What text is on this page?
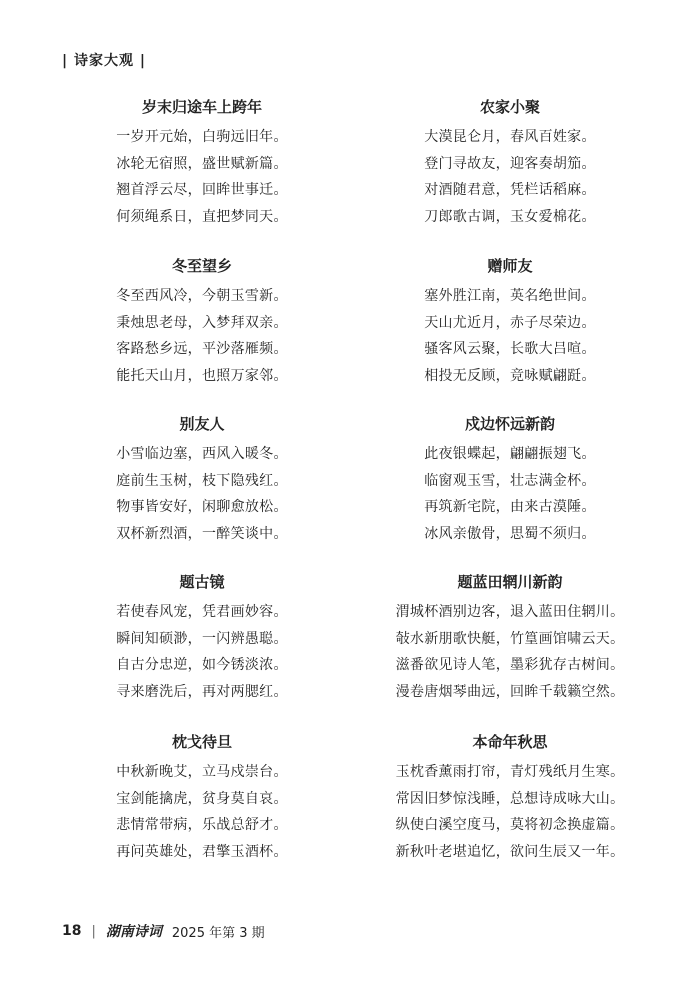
| 诗家大观 |
岁末归途车上跨年
一岁开元始，白驹远旧年。
冰轮无宿照，盛世赋新篇。
翘首浮云尽，回眸世事迁。
何须绳系日，直把梦同天。
冬至望乡
冬至西风冷，今朝玉雪新。
秉烛思老母，入梦拜双亲。
客路愁乡远，平沙落雁频。
能托天山月，也照万家邻。
别友人
小雪临边塞，西风入暖冬。
庭前生玉树，枝下隐残红。
物事皆安好，闲聊愈放松。
双杯新烈酒，一醉笑谈中。
题古镜
若使春风宠，凭君画妙容。
瞬间知硕渺，一闪辨愚聪。
自古分忠逆，如今锈淡浓。
寻来磨洗后，再对两腮红。
枕戈待旦
中秋新晚艾，立马戍崇台。
宝剑能擒虎，贫身莫自哀。
悲情常带病，乐战总舒才。
再问英雄处，君擎玉酒杯。
农家小聚
大漠昆仑月，春风百姓家。
登门寻故友，迎客奏胡笳。
对酒随君意，凭栏话稻麻。
刀郎歌古调，玉女爱棉花。
赠师友
塞外胜江南，英名绝世间。
天山尤近月，赤子尽荣边。
骚客风云聚，长歌大吕喧。
相投无反顾，竞咏赋翩跹。
戍边怀远新韵
此夜银蝶起，翩翩振翅飞。
临窗观玉雪，壮志满金杯。
再筑新宅院，由来古漠陲。
冰风亲傲骨，思蜀不须归。
题蓝田辋川新韵
渭城杯酒别边客，退入蓝田住辋川。
敧水新朋歌快艇，竹篁画馆啸云天。
滋番欲见诗人笔，墨彩犹存古树间。
漫卷唐烟琴曲远，回眸千载籁空然。
本命年秋思
玉枕香薰雨打帘，青灯残纸月生寒。
常因旧梦惊浅睡，总想诗成咏大山。
纵使白溪空度马，莫将初念换虚篇。
新秋叶老堪追忆，欲问生辰又一年。
18 | 湖南诗词 2025 年第 3 期
